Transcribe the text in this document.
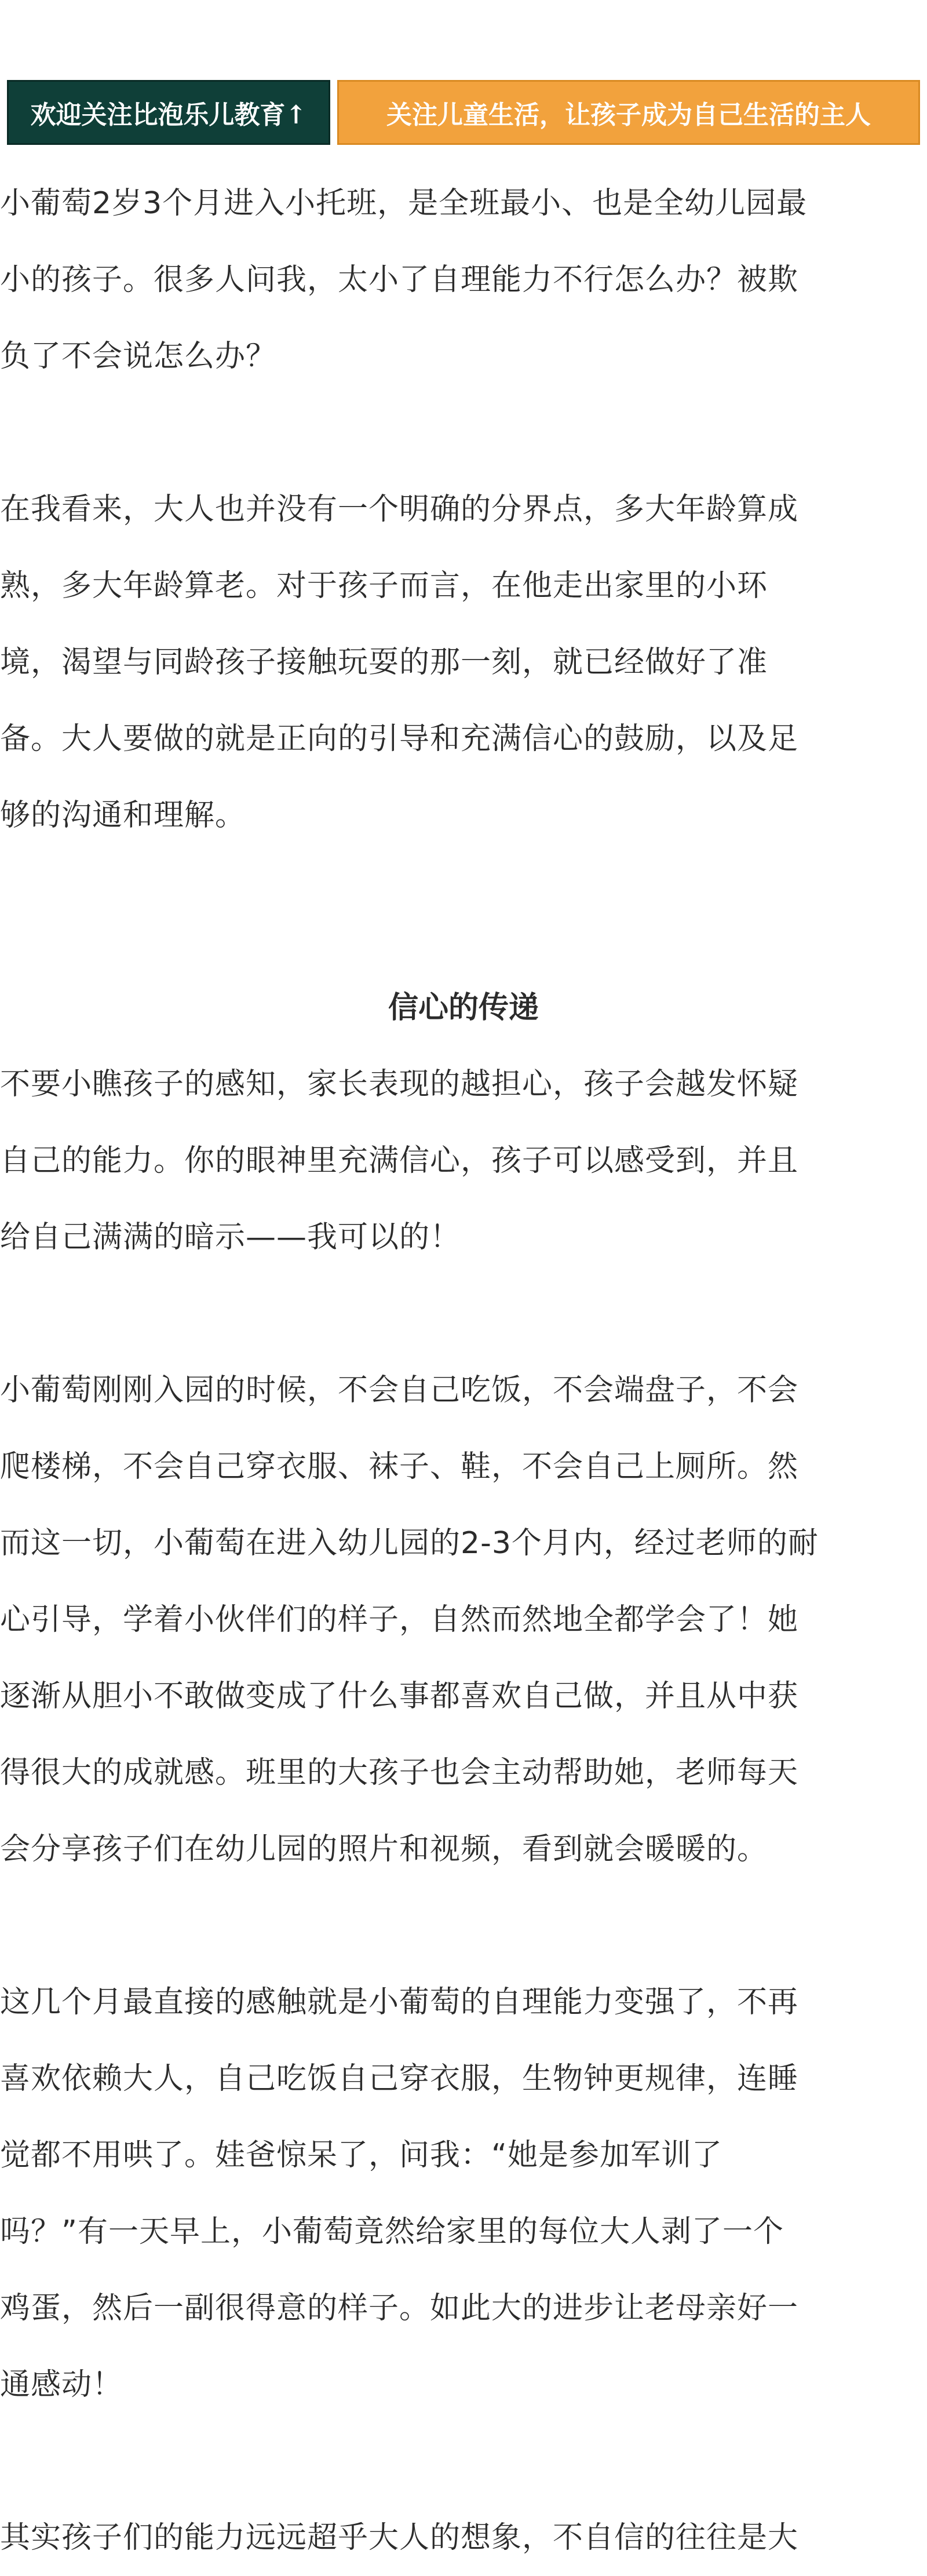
欢迎关注比泡乐儿教育↑	关注儿童生活，让孩子成为自己生活的主人

小葡萄2岁3个月进入小托班，是全班最小、也是全幼儿园最
小的孩子。很多人问我，太小了自理能力不行怎么办？被欺
负了不会说怎么办？

在我看来，大人也并没有一个明确的分界点，多大年龄算成
熟，多大年龄算老。对于孩子而言，在他走出家里的小环
境，渴望与同龄孩子接触玩耍的那一刻，就已经做好了准
备。大人要做的就是正向的引导和充满信心的鼓励，以及足
够的沟通和理解。

信心的传递

不要小瞧孩子的感知，家长表现的越担心，孩子会越发怀疑
自己的能力。你的眼神里充满信心，孩子可以感受到，并且
给自己满满的暗示——我可以的！

小葡萄刚刚入园的时候，不会自己吃饭，不会端盘子，不会
爬楼梯，不会自己穿衣服、袜子、鞋，不会自己上厕所。然
而这一切，小葡萄在进入幼儿园的2-3个月内，经过老师的耐
心引导，学着小伙伴们的样子，自然而然地全都学会了！她
逐渐从胆小不敢做变成了什么事都喜欢自己做，并且从中获
得很大的成就感。班里的大孩子也会主动帮助她，老师每天
会分享孩子们在幼儿园的照片和视频，看到就会暖暖的。

这几个月最直接的感触就是小葡萄的自理能力变强了，不再
喜欢依赖大人，自己吃饭自己穿衣服，生物钟更规律，连睡
觉都不用哄了。娃爸惊呆了，问我：“她是参加军训了
吗？”有一天早上，小葡萄竟然给家里的每位大人剥了一个
鸡蛋，然后一副很得意的样子。如此大的进步让老母亲好一
通感动！

其实孩子们的能力远远超乎大人的想象，不自信的往往是大
